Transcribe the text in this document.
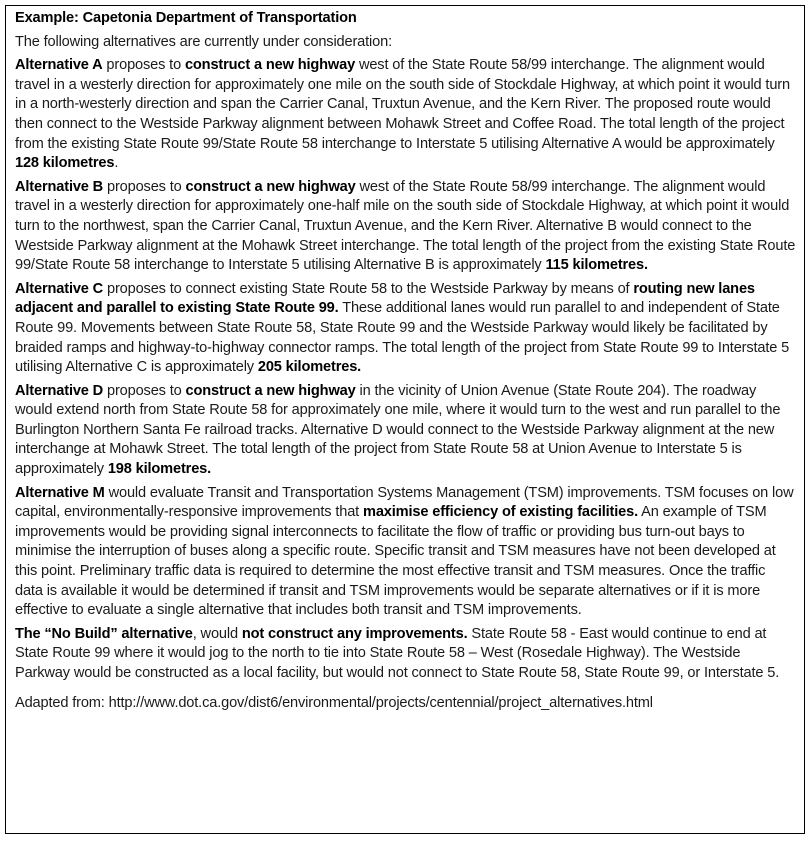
Example: Capetonia Department of Transportation
The following alternatives are currently under consideration:
Alternative A proposes to construct a new highway west of the State Route 58/99 interchange. The alignment would travel in a westerly direction for approximately one mile on the south side of Stockdale Highway, at which point it would turn in a north-westerly direction and span the Carrier Canal, Truxtun Avenue, and the Kern River. The proposed route would then connect to the Westside Parkway alignment between Mohawk Street and Coffee Road. The total length of the project from the existing State Route 99/State Route 58 interchange to Interstate 5 utilising Alternative A would be approximately 128 kilometres.
Alternative B proposes to construct a new highway west of the State Route 58/99 interchange. The alignment would travel in a westerly direction for approximately one-half mile on the south side of Stockdale Highway, at which point it would turn to the northwest, span the Carrier Canal, Truxtun Avenue, and the Kern River. Alternative B would connect to the Westside Parkway alignment at the Mohawk Street interchange. The total length of the project from the existing State Route 99/State Route 58 interchange to Interstate 5 utilising Alternative B is approximately 115 kilometres.
Alternative C proposes to connect existing State Route 58 to the Westside Parkway by means of routing new lanes adjacent and parallel to existing State Route 99. These additional lanes would run parallel to and independent of State Route 99. Movements between State Route 58, State Route 99 and the Westside Parkway would likely be facilitated by braided ramps and highway-to-highway connector ramps. The total length of the project from State Route 99 to Interstate 5 utilising Alternative C is approximately 205 kilometres.
Alternative D proposes to construct a new highway in the vicinity of Union Avenue (State Route 204). The roadway would extend north from State Route 58 for approximately one mile, where it would turn to the west and run parallel to the Burlington Northern Santa Fe railroad tracks. Alternative D would connect to the Westside Parkway alignment at the new interchange at Mohawk Street. The total length of the project from State Route 58 at Union Avenue to Interstate 5 is approximately 198 kilometres.
Alternative M would evaluate Transit and Transportation Systems Management (TSM) improvements. TSM focuses on low capital, environmentally-responsive improvements that maximise efficiency of existing facilities. An example of TSM improvements would be providing signal interconnects to facilitate the flow of traffic or providing bus turn-out bays to minimise the interruption of buses along a specific route. Specific transit and TSM measures have not been developed at this point. Preliminary traffic data is required to determine the most effective transit and TSM measures. Once the traffic data is available it would be determined if transit and TSM improvements would be separate alternatives or if it is more effective to evaluate a single alternative that includes both transit and TSM improvements.
The “No Build” alternative, would not construct any improvements. State Route 58 - East would continue to end at State Route 99 where it would jog to the north to tie into State Route 58 – West (Rosedale Highway). The Westside Parkway would be constructed as a local facility, but would not connect to State Route 58, State Route 99, or Interstate 5.
Adapted from: http://www.dot.ca.gov/dist6/environmental/projects/centennial/project_alternatives.html
